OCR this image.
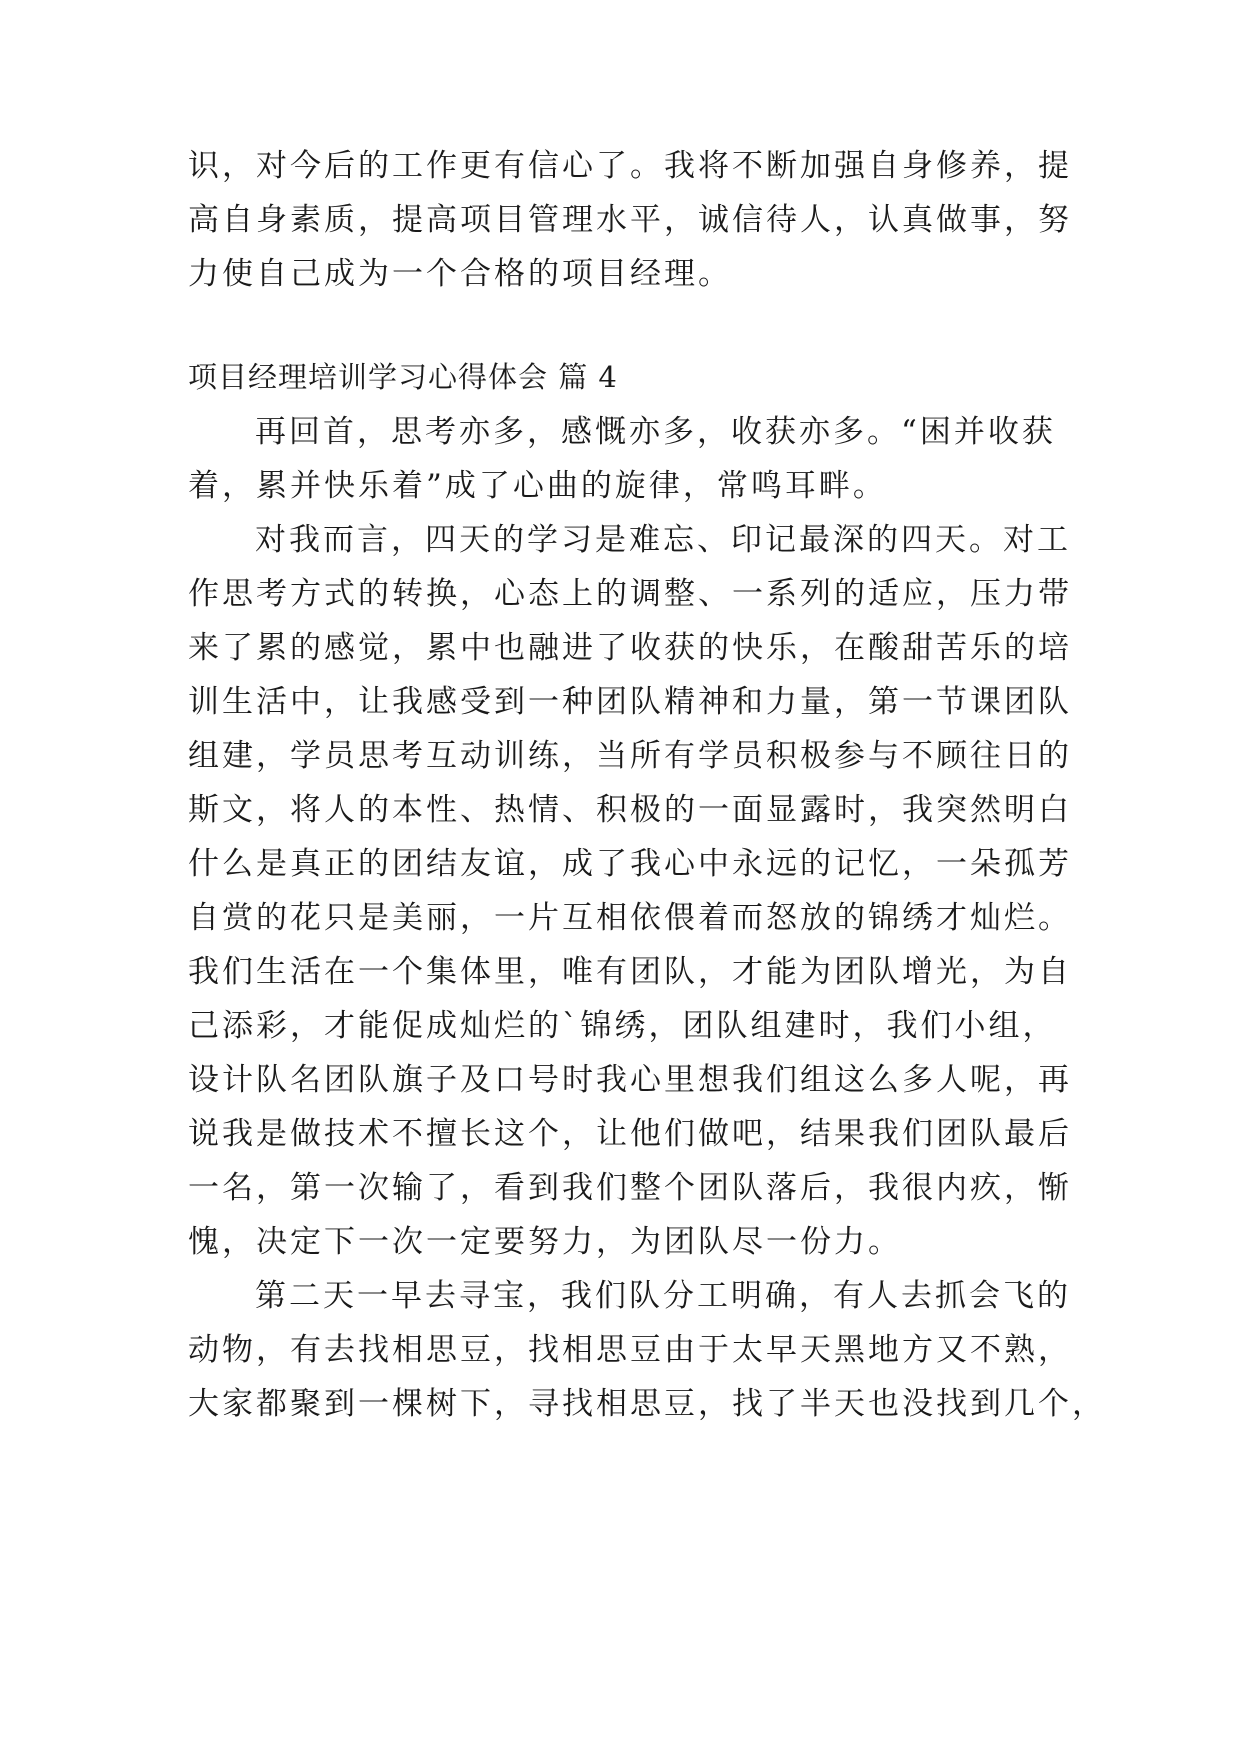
识，对今后的工作更有信心了。我将不断加强自身修养，提
高自身素质，提高项目管理水平，诚信待人，认真做事，努
力使自己成为一个合格的项目经理。
项目经理培训学习心得体会 篇 4
再回首，思考亦多，感慨亦多，收获亦多。“困并收获
着，累并快乐着”成了心曲的旋律，常鸣耳畔。
对我而言，四天的学习是难忘、印记最深的四天。对工
作思考方式的转换，心态上的调整、一系列的适应，压力带
来了累的感觉，累中也融进了收获的快乐，在酸甜苦乐的培
训生活中，让我感受到一种团队精神和力量，第一节课团队
组建，学员思考互动训练，当所有学员积极参与不顾往日的
斯文，将人的本性、热情、积极的一面显露时，我突然明白
什么是真正的团结友谊，成了我心中永远的记忆，一朵孤芳
自赏的花只是美丽，一片互相依偎着而怒放的锦绣才灿烂。
我们生活在一个集体里，唯有团队，才能为团队增光，为自
己添彩，才能促成灿烂的`锦绣，团队组建时，我们小组，
设计队名团队旗子及口号时我心里想我们组这么多人呢，再
说我是做技术不擅长这个，让他们做吧，结果我们团队最后
一名，第一次输了，看到我们整个团队落后，我很内疚，惭
愧，决定下一次一定要努力，为团队尽一份力。
第二天一早去寻宝，我们队分工明确，有人去抓会飞的
动物，有去找相思豆，找相思豆由于太早天黑地方又不熟，
大家都聚到一棵树下，寻找相思豆，找了半天也没找到几个，
